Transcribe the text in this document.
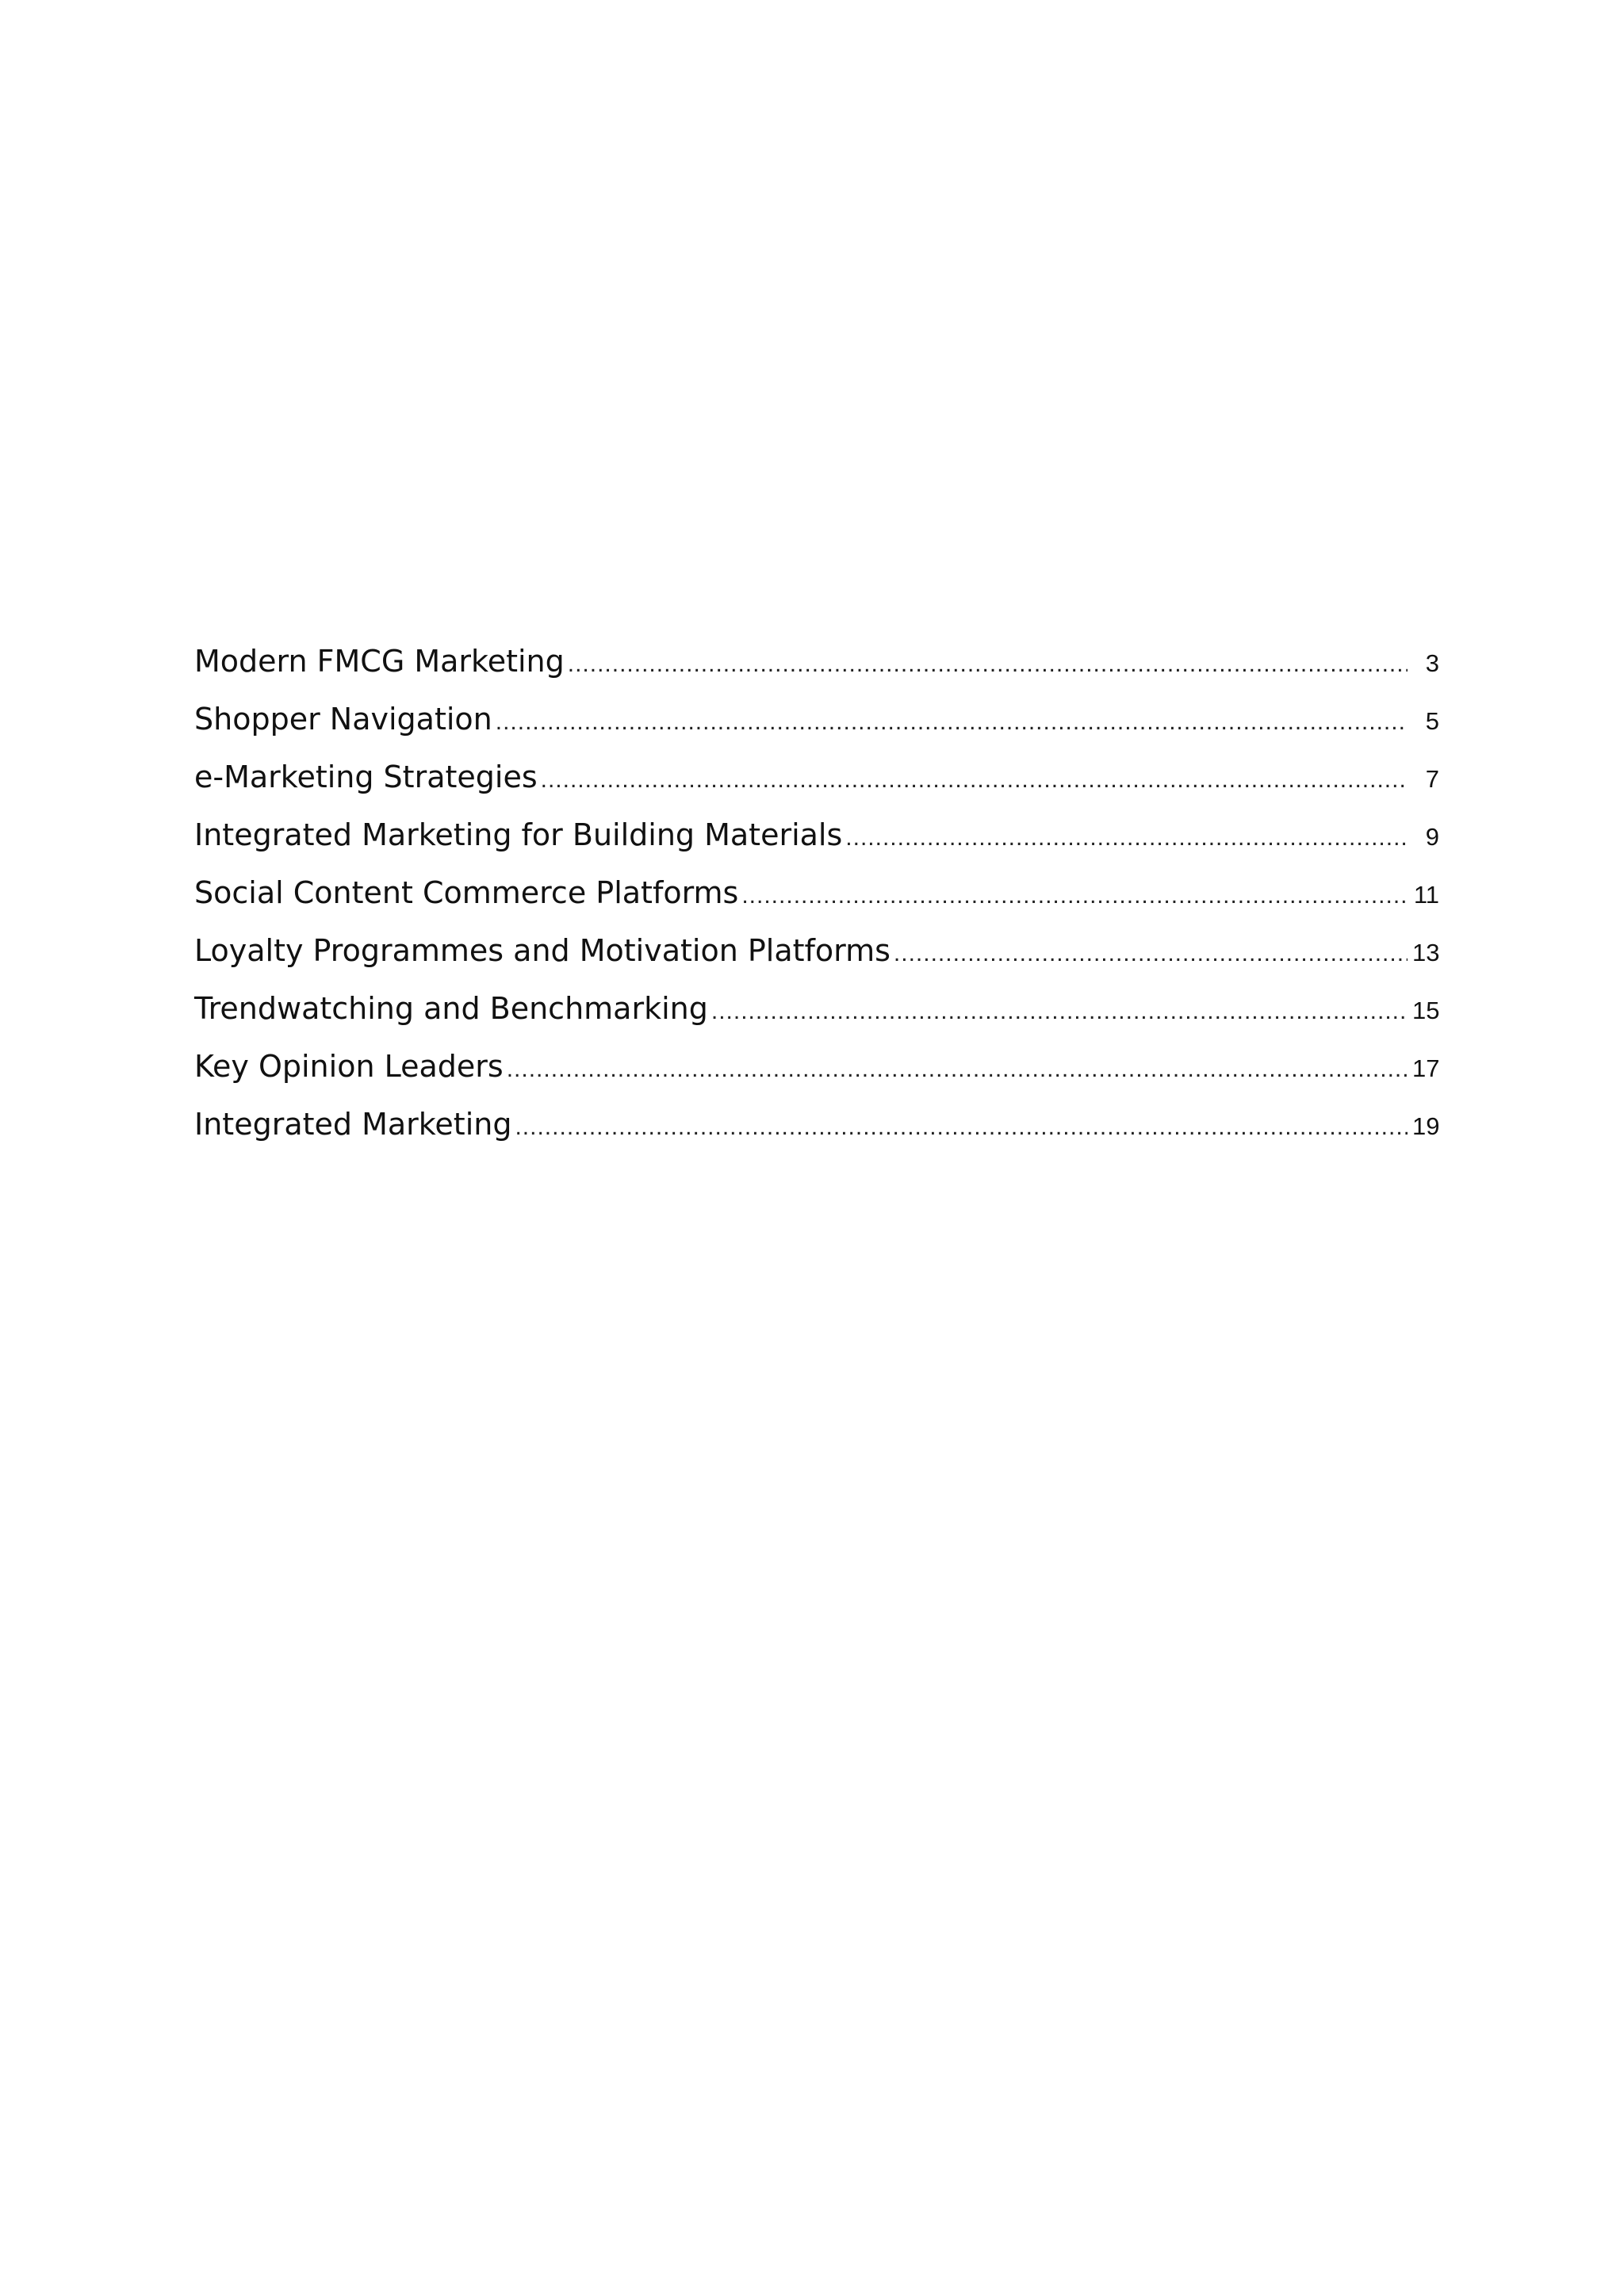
Modern FMCG Marketing .....	3
Shopper Navigation .....	5
e-Marketing Strategies .....	7
Integrated Marketing for Building Materials .....	9
Social Content Commerce Platforms .....	11
Loyalty Programmes and Motivation Platforms .....	13
Trendwatching and Benchmarking .....	15
Key Opinion Leaders .....	17
Integrated Marketing .....	19
